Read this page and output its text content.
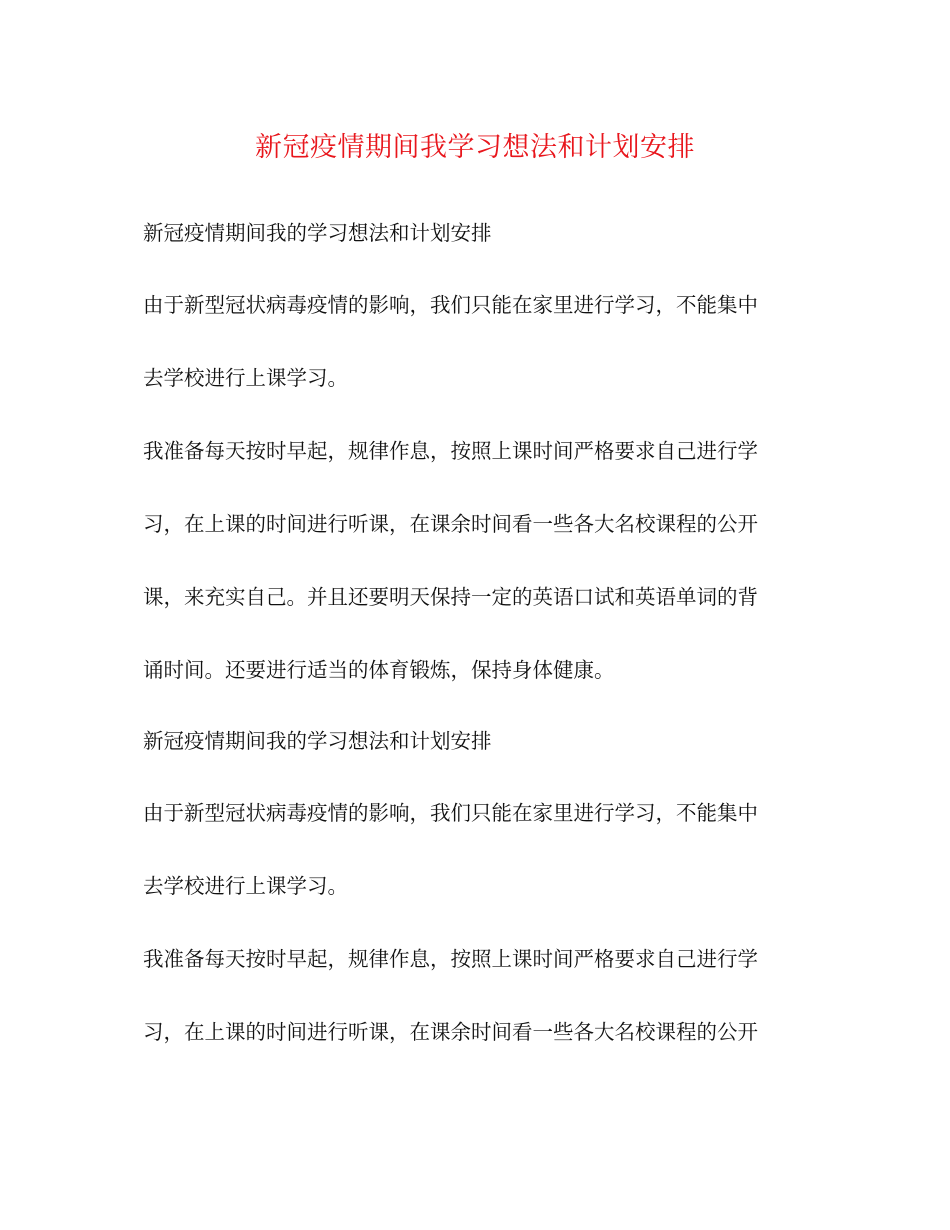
新冠疫情期间我学习想法和计划安排
新冠疫情期间我的学习想法和计划安排
由于新型冠状病毒疫情的影响，我们只能在家里进行学习，不能集中
去学校进行上课学习。
我准备每天按时早起，规律作息，按照上课时间严格要求自己进行学
习，在上课的时间进行听课，在课余时间看一些各大名校课程的公开
课，来充实自己。并且还要明天保持一定的英语口试和英语单词的背
诵时间。还要进行适当的体育锻炼，保持身体健康。
新冠疫情期间我的学习想法和计划安排
由于新型冠状病毒疫情的影响，我们只能在家里进行学习，不能集中
去学校进行上课学习。
我准备每天按时早起，规律作息，按照上课时间严格要求自己进行学
习，在上课的时间进行听课，在课余时间看一些各大名校课程的公开
